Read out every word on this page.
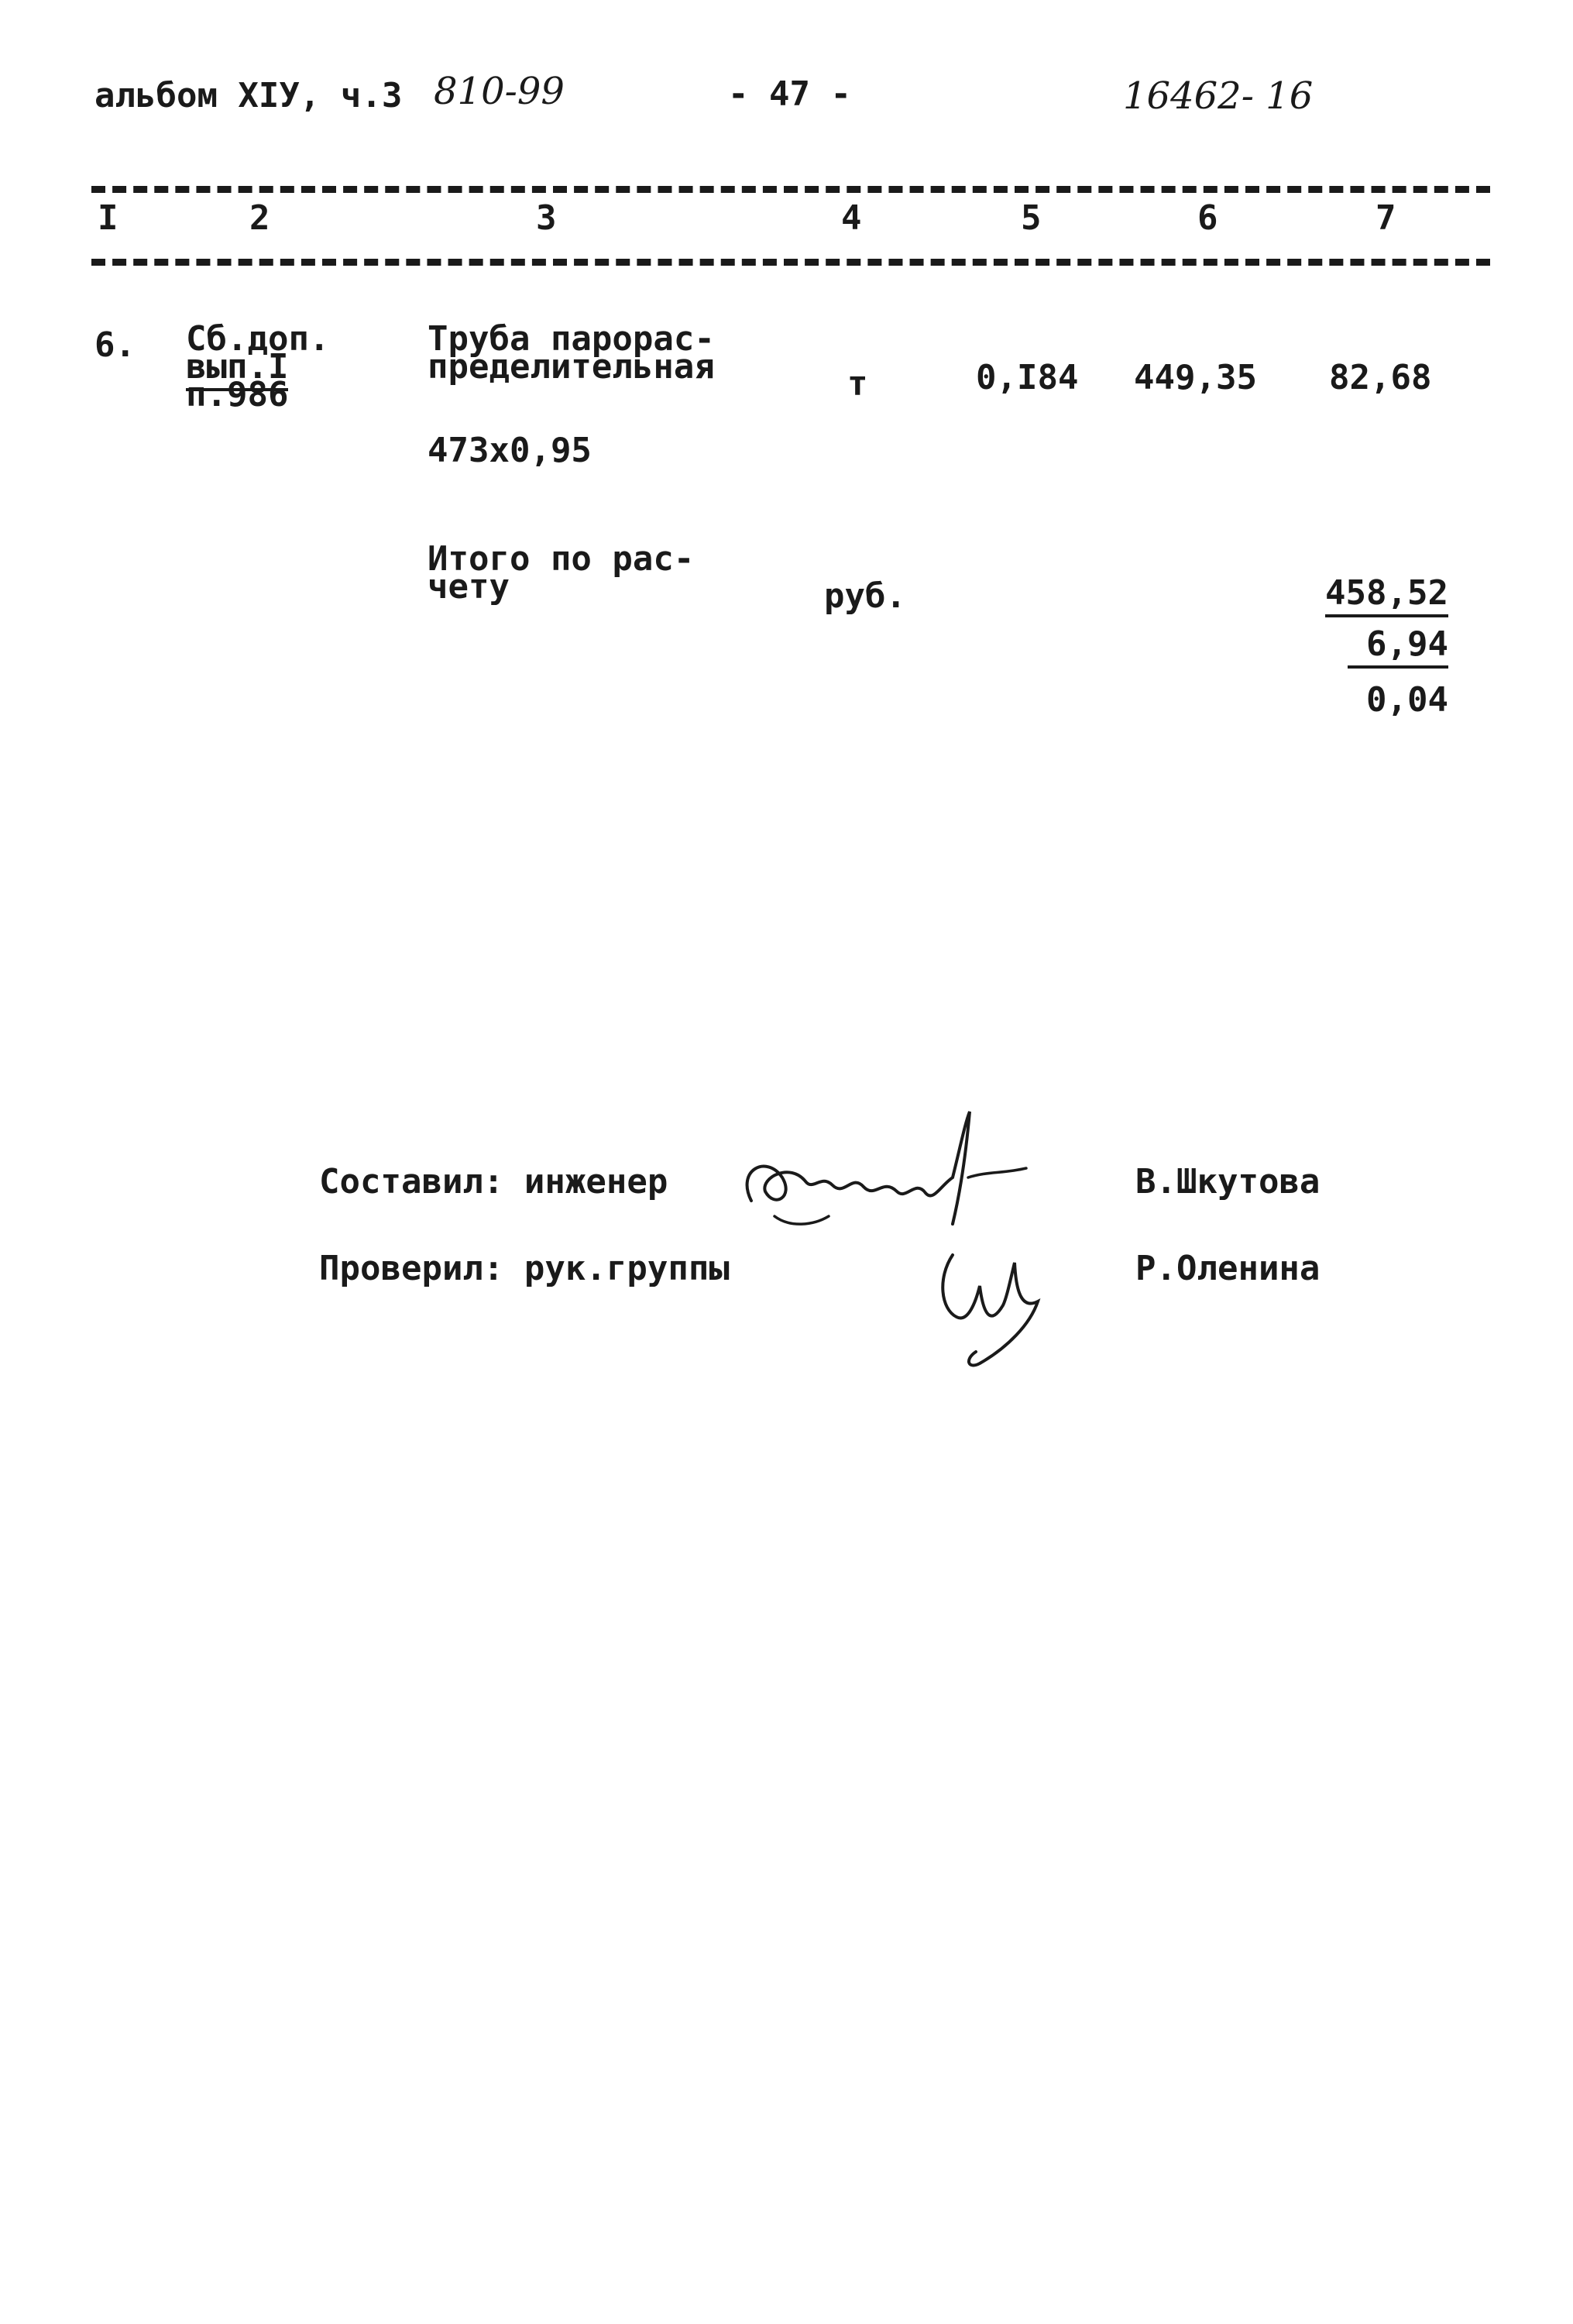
альбом XIУ, ч.3 810-99	- 47 -	16462- 16
I	2	3	4	5	6	7
6. Сб.доп.
вып.I
п.986
Труба парорас-
пределительная
473х0,95
т	0,I84 449,35 82,68
Итого по рас-
чету	руб.	458,52
6,94
0,04
Составил: инженер	В.Шкутова
Проверил: рук.группы	Р.Оленина
